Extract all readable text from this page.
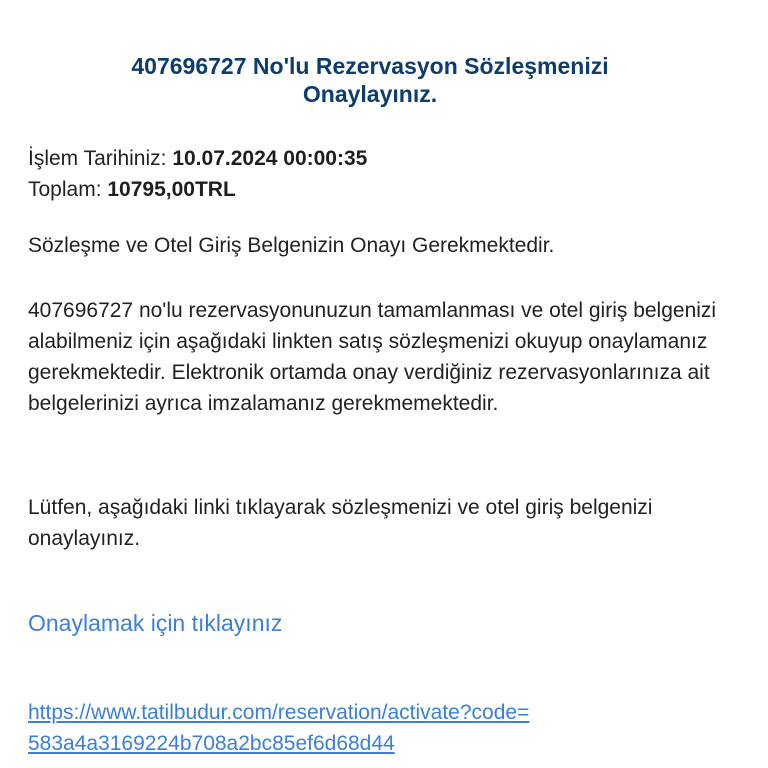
407696727 No'lu Rezervasyon Sözleşmenizi
Onaylayınız.
İşlem Tarihiniz: 10.07.2024 00:00:35
Toplam: 10795,00TRL

Sözleşme ve Otel Giriş Belgenizin Onayı Gerekmektedir.

407696727 no'lu rezervasyonunuzun tamamlanması ve otel giriş belgenizi alabilmeniz için aşağıdaki linkten satış sözleşmenizi okuyup onaylamanız gerekmektedir. Elektronik ortamda onay verdiğiniz rezervasyonlarınıza ait belgelerinizi ayrıca imzalamanız gerekmemektedir.

Lütfen, aşağıdaki linki tıklayarak sözleşmenizi ve otel giriş belgenizi onaylayınız.

Onaylamak için tıklayınız
https://www.tatilbudur.com/reservation/activate?code=
583a4a3169224b708a2bc85ef6d68d44
